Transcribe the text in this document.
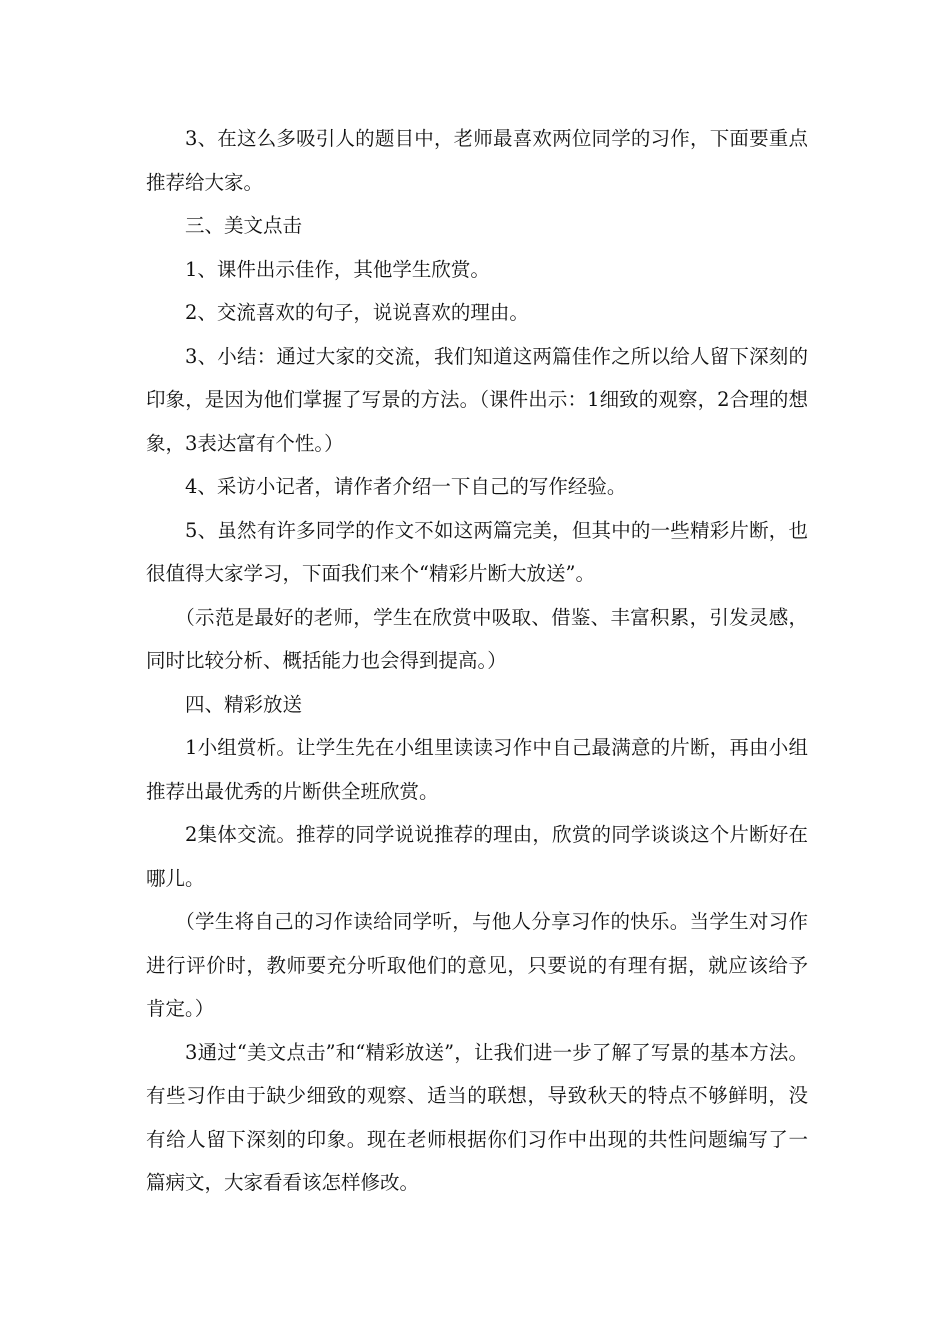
3、在这么多吸引人的题目中，老师最喜欢两位同学的习作，下面要重点推荐给大家。

三、美文点击

1、课件出示佳作，其他学生欣赏。

2、交流喜欢的句子，说说喜欢的理由。

3、小结：通过大家的交流，我们知道这两篇佳作之所以给人留下深刻的印象，是因为他们掌握了写景的方法。（课件出示：1细致的观察，2合理的想象，3表达富有个性。）

4、采访小记者，请作者介绍一下自己的写作经验。

5、虽然有许多同学的作文不如这两篇完美，但其中的一些精彩片断，也很值得大家学习，下面我们来个“精彩片断大放送”。

（示范是最好的老师，学生在欣赏中吸取、借鉴、丰富积累，引发灵感，同时比较分析、概括能力也会得到提高。）

四、精彩放送

1小组赏析。让学生先在小组里读读习作中自己最满意的片断，再由小组推荐出最优秀的片断供全班欣赏。

2集体交流。推荐的同学说说推荐的理由，欣赏的同学谈谈这个片断好在哪儿。

（学生将自己的习作读给同学听，与他人分享习作的快乐。当学生对习作进行评价时，教师要充分听取他们的意见，只要说的有理有据，就应该给予肯定。）

3通过“美文点击”和“精彩放送”，让我们进一步了解了写景的基本方法。有些习作由于缺少细致的观察、适当的联想，导致秋天的特点不够鲜明，没有给人留下深刻的印象。现在老师根据你们习作中出现的共性问题编写了一篇病文，大家看看该怎样修改。
